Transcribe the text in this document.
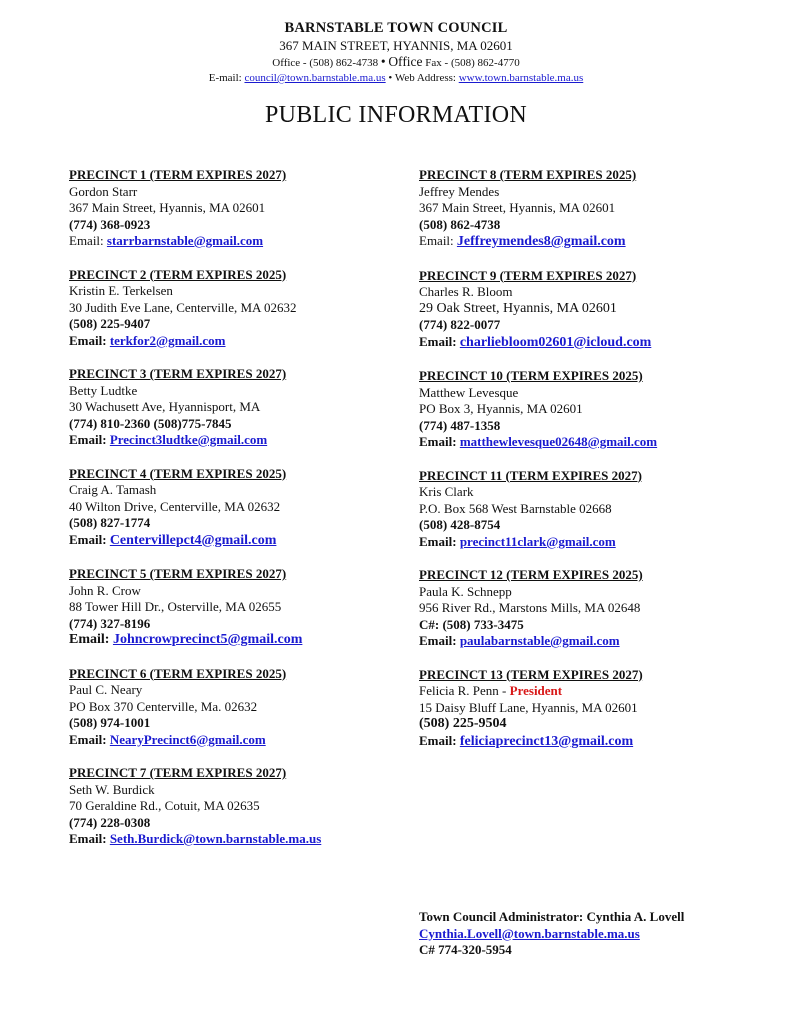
BARNSTABLE TOWN COUNCIL
367 MAIN STREET, HYANNIS, MA 02601
Office - (508) 862-4738 • Office Fax - (508) 862-4770
E-mail: council@town.barnstable.ma.us • Web Address: www.town.barnstable.ma.us
PUBLIC INFORMATION
PRECINCT 1 (TERM EXPIRES 2027)
Gordon Starr
367 Main Street, Hyannis, MA 02601
(774) 368-0923
Email: starrbarnstable@gmail.com
PRECINCT 2 (TERM EXPIRES 2025)
Kristin E. Terkelsen
30 Judith Eve Lane, Centerville, MA 02632
(508) 225-9407
Email: terkfor2@gmail.com
PRECINCT 3 (TERM EXPIRES 2027)
Betty Ludtke
30 Wachusett Ave, Hyannisport, MA
(774) 810-2360 (508)775-7845
Email: Precinct3ludtke@gmail.com
PRECINCT 4 (TERM EXPIRES 2025)
Craig A. Tamash
40 Wilton Drive, Centerville, MA 02632
(508) 827-1774
Email: Centervillepct4@gmail.com
PRECINCT 5 (TERM EXPIRES 2027)
John R. Crow
88 Tower Hill Dr., Osterville, MA 02655
(774) 327-8196
Email: Johncrowprecinct5@gmail.com
PRECINCT 6 (TERM EXPIRES 2025)
Paul C. Neary
PO Box 370 Centerville, Ma. 02632
(508) 974-1001
Email: NearyPrecinct6@gmail.com
PRECINCT 7 (TERM EXPIRES 2027)
Seth W. Burdick
70 Geraldine Rd., Cotuit, MA 02635
(774) 228-0308
Email: Seth.Burdick@town.barnstable.ma.us
PRECINCT 8 (TERM EXPIRES 2025)
Jeffrey Mendes
367 Main Street, Hyannis, MA 02601
(508) 862-4738
Email: Jeffreymendes8@gmail.com
PRECINCT 9 (TERM EXPIRES 2027)
Charles R. Bloom
29 Oak Street, Hyannis, MA 02601
(774) 822-0077
Email: charliebloom02601@icloud.com
PRECINCT 10 (TERM EXPIRES 2025)
Matthew Levesque
PO Box 3, Hyannis, MA 02601
(774) 487-1358
Email: matthewlevesque02648@gmail.com
PRECINCT 11 (TERM EXPIRES 2027)
Kris Clark
P.O. Box 568 West Barnstable 02668
(508) 428-8754
Email: precinct11clark@gmail.com
PRECINCT 12 (TERM EXPIRES 2025)
Paula K. Schnepp
956 River Rd., Marstons Mills, MA 02648
C#: (508) 733-3475
Email: paulabarnstable@gmail.com
PRECINCT 13 (TERM EXPIRES 2027)
Felicia R. Penn - President
15 Daisy Bluff Lane, Hyannis, MA 02601
(508) 225-9504
Email: feliciaprecinct13@gmail.com
Town Council Administrator: Cynthia A. Lovell
Cynthia.Lovell@town.barnstable.ma.us
C# 774-320-5954
